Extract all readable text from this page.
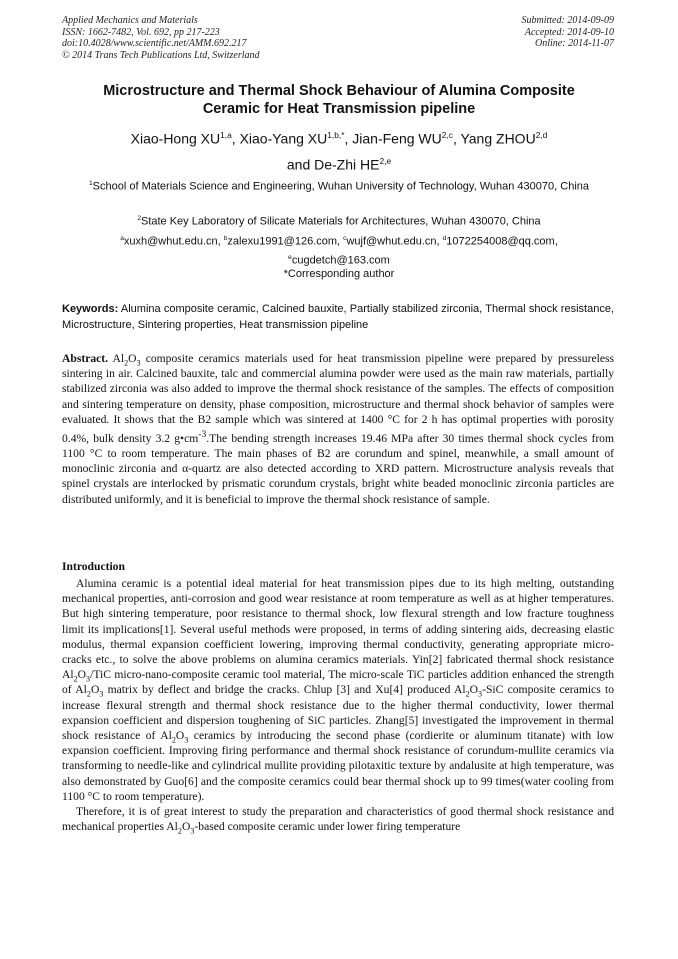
Applied Mechanics and Materials
ISSN: 1662-7482, Vol. 692, pp 217-223
doi:10.4028/www.scientific.net/AMM.692.217
© 2014 Trans Tech Publications Ltd, Switzerland
Submitted: 2014-09-09
Accepted: 2014-09-10
Online: 2014-11-07
Microstructure and Thermal Shock Behaviour of Alumina Composite
Ceramic for Heat Transmission pipeline
Xiao-Hong XU$^{1,a}$, Xiao-Yang $XU^{1,b,*}$, Jian-Feng WU$^{2,c}$, Yang ZHOU$^{2,d}$
and De-Zhi HE$^{2,e}$
$^1$School of Materials Science and Engineering, Wuhan University of Technology, Wuhan 430070, China
$^2$State Key Laboratory of Silicate Materials for Architectures, Wuhan 430070, China
$^a$xuxh@whut.edu.cn, $^b$zalexu1991@126.com, $^c$wujf@whut.edu.cn, $^d$1072254008@qq.com,
$^e$cugdetch@163.com
*Corresponding author
Keywords: Alumina composite ceramic, Calcined bauxite, Partially stabilized zirconia, Thermal shock resistance, Microstructure, Sintering properties, Heat transmission pipeline
Abstract. $Al_2O_3$ composite ceramics materials used for heat transmission pipeline were prepared by pressureless sintering in air. Calcined bauxite, talc and commercial alumina powder were used as the main raw materials, partially stabilized zirconia was also added to improve the thermal shock resistance of the samples. The effects of composition and sintering temperature on density, phase composition, microstructure and thermal shock behavior of samples were evaluated. It shows that the B2 sample which was sintered at 1400 °C for 2 h has optimal properties with porosity 0.4%, bulk density 3.2 $g•cm^{-3}.The$ bending strength increases 19.46 MPa after 30 times thermal shock cycles from 1100 °C to room temperature. The main phases of B2 are corundum and spinel, meanwhile, a small amount of monoclinic zirconia and α-quartz are also detected according to XRD pattern. Microstructure analysis reveals that spinel crystals are interlocked by prismatic corundum crystals, bright white beaded monoclinic zirconia particles are distributed uniformly, and it is beneficial to improve the thermal shock resistance of sample.
Introduction

Alumina ceramic is a potential ideal material for heat transmission pipes due to its high melting, outstanding mechanical properties, anti-corrosion and good wear resistance at room temperature as well as at higher temperatures. But high sintering temperature, poor resistance to thermal shock, low flexural strength and low fracture toughness limit its implications[1]. Several useful methods were proposed, in terms of adding sintering aids, decreasing elastic modulus, thermal expansion coefficient lowering, improving thermal conductivity, generating appropriate micro-cracks etc., to solve the above problems on alumina ceramics materials. Yin[2] fabricated thermal shock resistance $Al_2O_3$/TiC micro-nano-composite ceramic tool material, The micro-scale TiC particles addition enhanced the strength of $Al_2O_3$ matrix by deflect and bridge the cracks. Chlup [3] and Xu[4] produced $Al_2O_3$-SiC composite ceramics to increase flexural strength and thermal shock resistance due to the higher thermal conductivity, lower thermal expansion coefficient and dispersion toughening of SiC particles. Zhang[5] investigated the improvement in thermal shock resistance of $Al_2O_3$ ceramics by introducing the second phase (cordierite or aluminum titanate) with low expansion coefficient. Improving firing performance and thermal shock resistance of corundum-mullite ceramics via transforming to needle-like and cylindrical mullite providing pilotaxitic texture by andalusite at high temperature, was also demonstrated by Guo[6] and the composite ceramics could bear thermal shock up to 99 times(water cooling from 1100 °C to room temperature).

Therefore, it is of great interest to study the preparation and characteristics of good thermal shock resistance and mechanical properties $Al_2O_3$-based composite ceramic under lower firing temperature
